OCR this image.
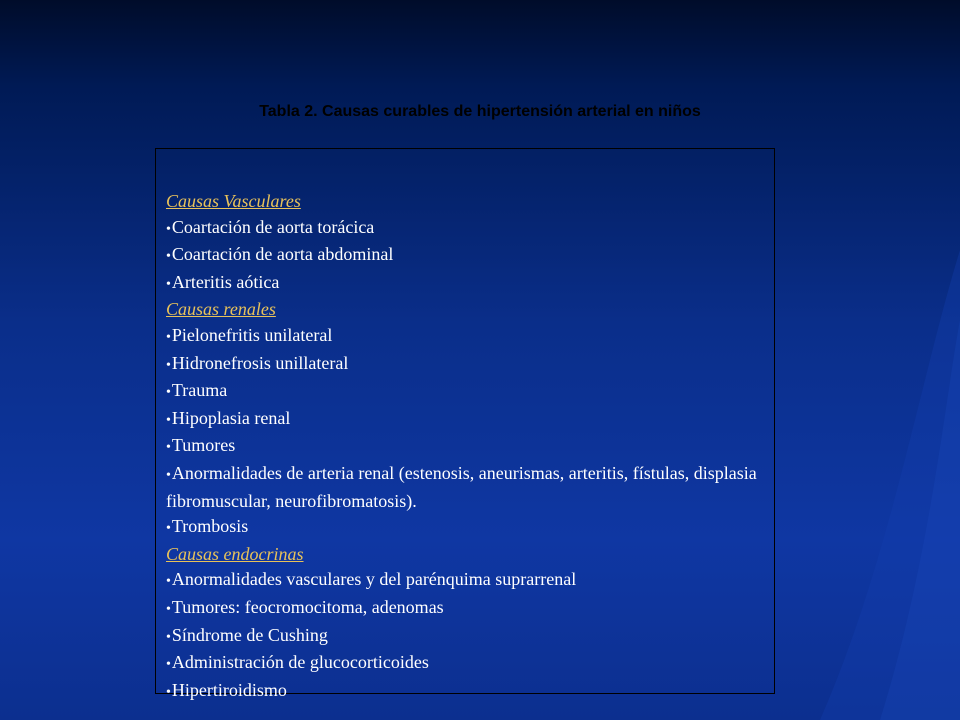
Tabla 2. Causas curables de hipertensión arterial en niños
Causas Vasculares
•Coartación de aorta torácica
•Coartación de aorta abdominal
•Arteritis aótica
Causas renales
•Pielonefritis unilateral
•Hidronefrosis unillateral
•Trauma
•Hipoplasia renal
•Tumores
•Anormalidades de arteria renal (estenosis, aneurismas, arteritis, fístulas, displasia fibromuscular, neurofibromatosis).
•Trombosis
Causas endocrinas
•Anormalidades vasculares y del parénquima suprarrenal
•Tumores: feocromocitoma, adenomas
•Síndrome de Cushing
•Administración de glucocorticoides
•Hipertiroidismo
